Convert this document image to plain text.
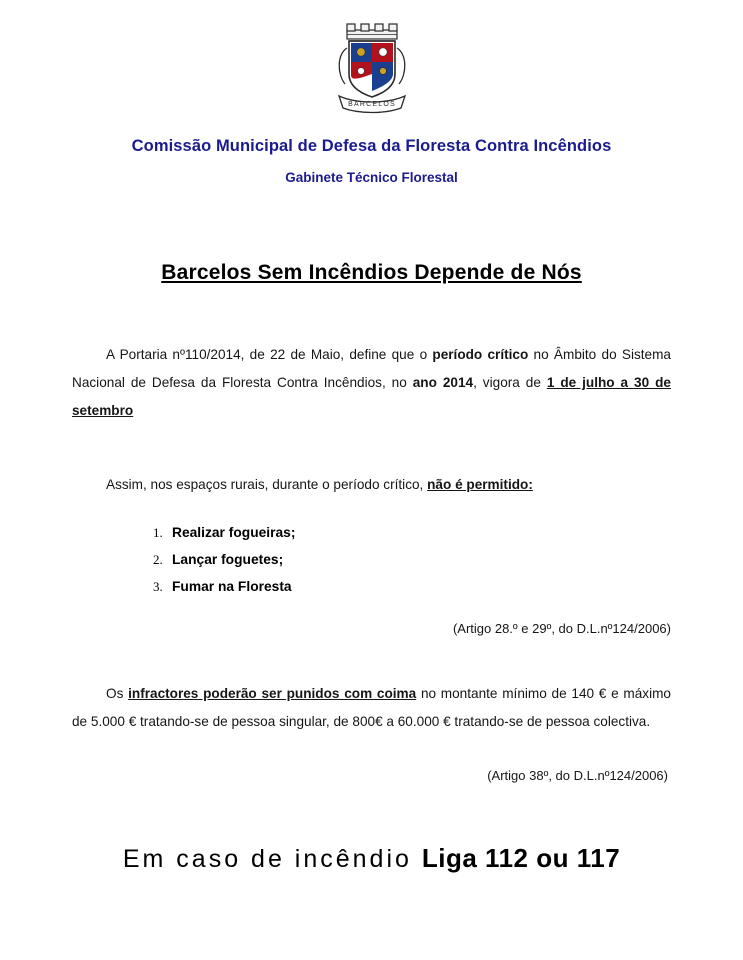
BARCELOS
Comissão Municipal de Defesa da Floresta Contra Incêndios
Gabinete Técnico Florestal
Barcelos Sem Incêndios Depende de Nós

A Portaria nº110/2014, de 22 de Maio, define que o período crítico no Âmbito do Sistema Nacional de Defesa da Floresta Contra Incêndios, no ano 2014, vigora de 1 de julho a 30 de setembro

Assim, nos espaços rurais, durante o período crítico, não é permitido:

1. Realizar fogueiras;
2. Lançar foguetes;
3. Fumar na Floresta
(Artigo 28.º e 29º, do D.L.nº124/2006)

Os infractores poderão ser punidos com coima no montante mínimo de 140 € e máximo de 5.000 € tratando-se de pessoa singular, de 800€ a 60.000 € tratando-se de pessoa colectiva.

(Artigo 38º, do D.L.nº124/2006)
Em caso de incêndio Liga 112 ou 117
